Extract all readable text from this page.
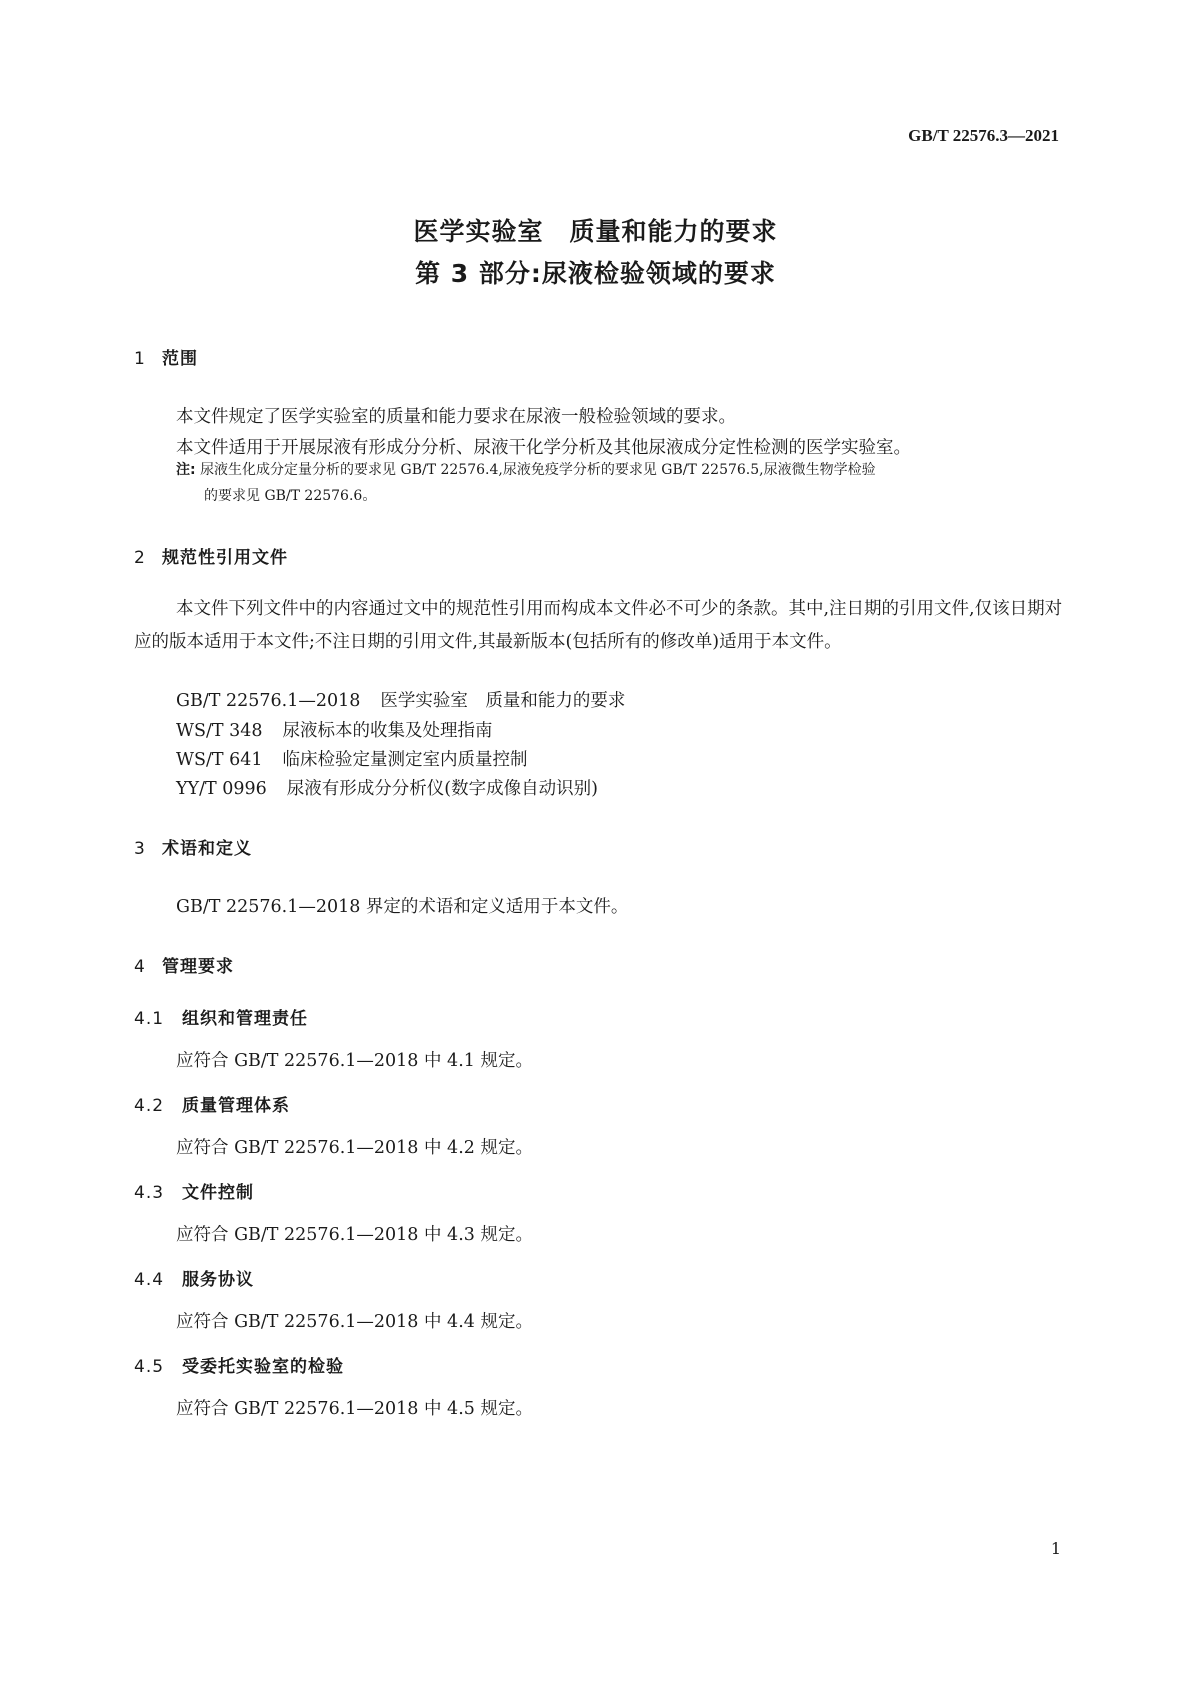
GB/T 22576.3—2021
医学实验室　质量和能力的要求
第 3 部分:尿液检验领域的要求
1 范围
本文件规定了医学实验室的质量和能力要求在尿液一般检验领域的要求。
本文件适用于开展尿液有形成分分析、尿液干化学分析及其他尿液成分定性检测的医学实验室。
注: 尿液生化成分定量分析的要求见 GB/T 22576.4,尿液免疫学分析的要求见 GB/T 22576.5,尿液微生物学检验
的要求见 GB/T 22576.6。
2 规范性引用文件
本文件下列文件中的内容通过文中的规范性引用而构成本文件必不可少的条款。其中,注日期的引用文件,仅该日期对应的版本适用于本文件;不注日期的引用文件,其最新版本(包括所有的修改单)适用于本文件。
GB/T 22576.1—2018 医学实验室　质量和能力的要求
WS/T 348 尿液标本的收集及处理指南
WS/T 641 临床检验定量测定室内质量控制
YY/T 0996 尿液有形成分分析仪(数字成像自动识别)
3 术语和定义
GB/T 22576.1—2018 界定的术语和定义适用于本文件。
4 管理要求
4.1 组织和管理责任
应符合 GB/T 22576.1—2018 中 4.1 规定。
4.2 质量管理体系
应符合 GB/T 22576.1—2018 中 4.2 规定。
4.3 文件控制
应符合 GB/T 22576.1—2018 中 4.3 规定。
4.4 服务协议
应符合 GB/T 22576.1—2018 中 4.4 规定。
4.5 受委托实验室的检验
应符合 GB/T 22576.1—2018 中 4.5 规定。
1
